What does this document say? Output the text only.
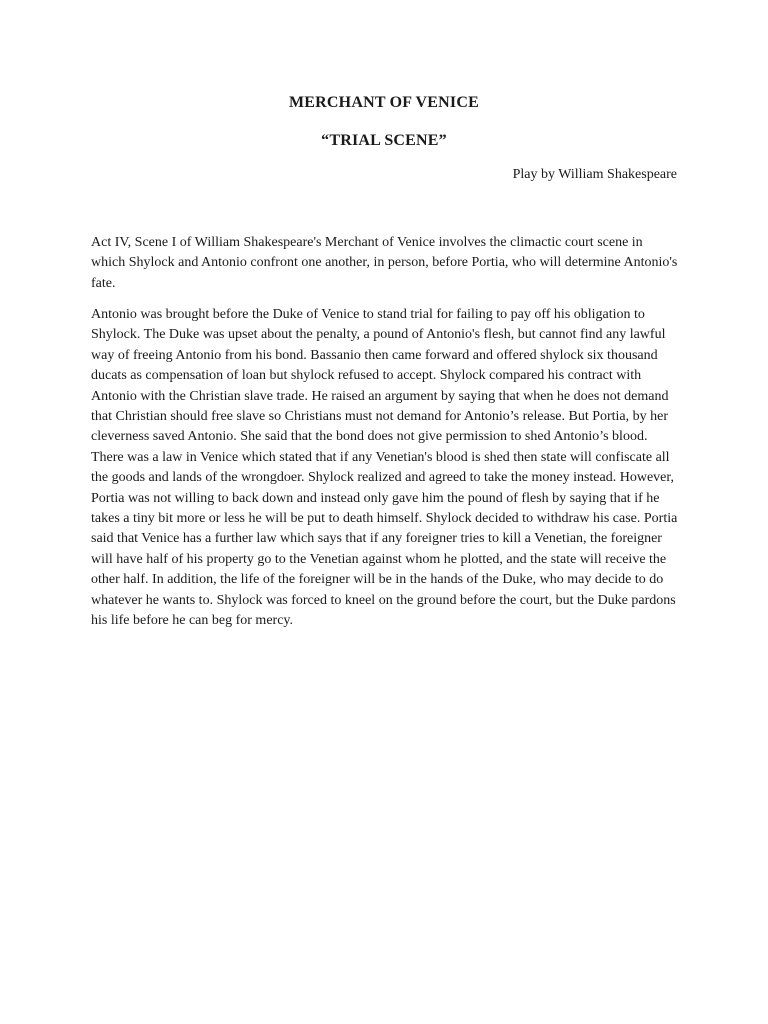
MERCHANT OF VENICE
“TRIAL SCENE”

Play by William Shakespeare

Act IV, Scene I of William Shakespeare's Merchant of Venice involves the climactic court scene in which Shylock and Antonio confront one another, in person, before Portia, who will determine Antonio's fate.

Antonio was brought before the Duke of Venice to stand trial for failing to pay off his obligation to Shylock. The Duke was upset about the penalty, a pound of Antonio's flesh, but cannot find any lawful way of freeing Antonio from his bond. Bassanio then came forward and offered shylock six thousand ducats as compensation of loan but shylock refused to accept. Shylock compared his contract with Antonio with the Christian slave trade. He raised an argument by saying that when he does not demand that Christian should free slave so Christians must not demand for Antonio’s release. But Portia, by her cleverness saved Antonio. She said that the bond does not give permission to shed Antonio’s blood. There was a law in Venice which stated that if any Venetian's blood is shed then state will confiscate all the goods and lands of the wrongdoer. Shylock realized and agreed to take the money instead. However, Portia was not willing to back down and instead only gave him the pound of flesh by saying that if he takes a tiny bit more or less he will be put to death himself. Shylock decided to withdraw his case. Portia said that Venice has a further law which says that if any foreigner tries to kill a Venetian, the foreigner will have half of his property go to the Venetian against whom he plotted, and the state will receive the other half. In addition, the life of the foreigner will be in the hands of the Duke, who may decide to do whatever he wants to. Shylock was forced to kneel on the ground before the court, but the Duke pardons his life before he can beg for mercy.
